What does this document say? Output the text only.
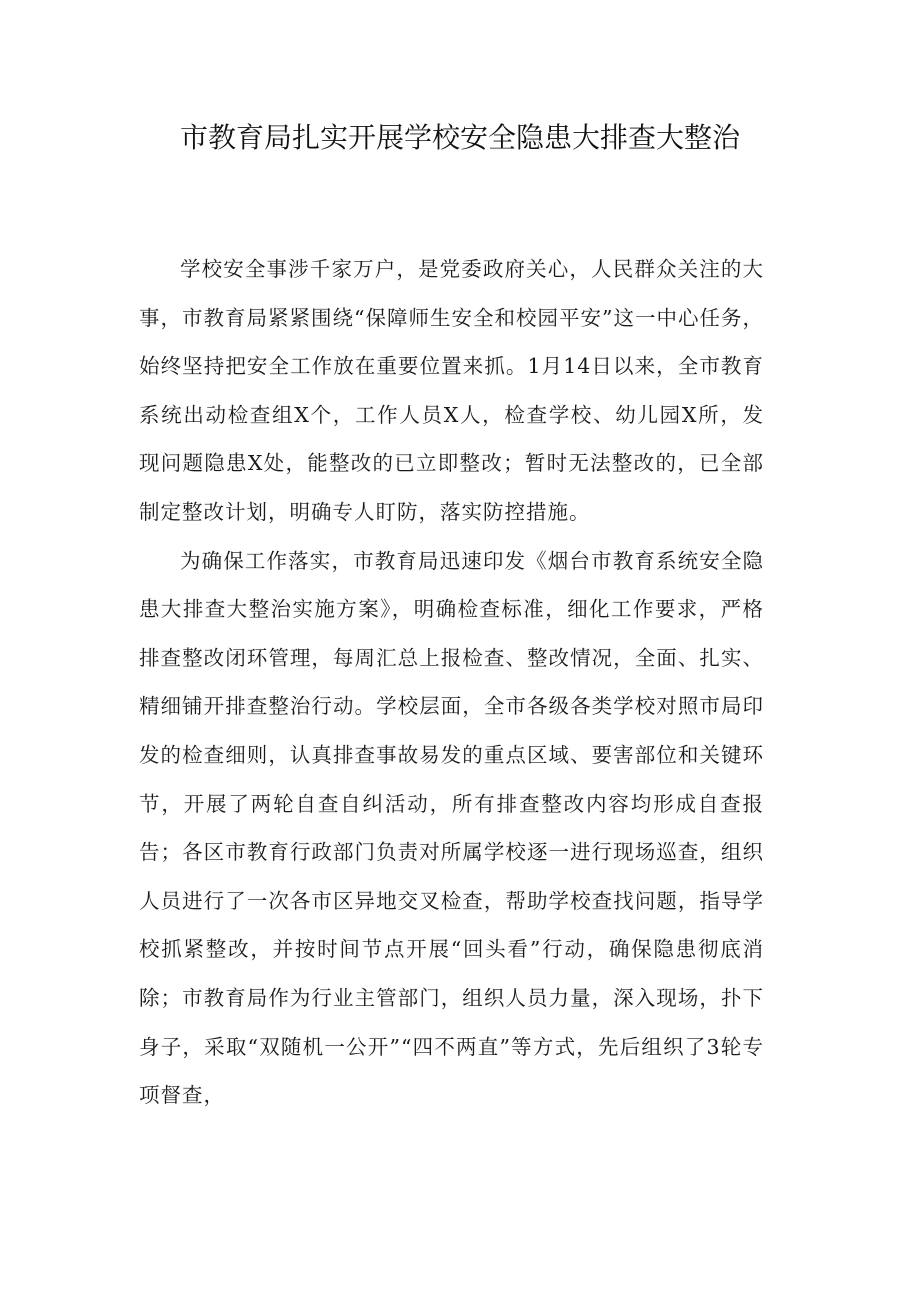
市教育局扎实开展学校安全隐患大排查大整治

学校安全事涉千家万户，是党委政府关心，人民群众关注的大事，市教育局紧紧围绕“保障师生安全和校园平安”这一中心任务，始终坚持把安全工作放在重要位置来抓。1月14日以来，全市教育系统出动检查组X个，工作人员X人，检查学校、幼儿园X所，发现问题隐患X处，能整改的已立即整改；暂时无法整改的，已全部制定整改计划，明确专人盯防，落实防控措施。

为确保工作落实，市教育局迅速印发《烟台市教育系统安全隐患大排查大整治实施方案》，明确检查标准，细化工作要求，严格排查整改闭环管理，每周汇总上报检查、整改情况，全面、扎实、精细铺开排查整治行动。学校层面，全市各级各类学校对照市局印发的检查细则，认真排查事故易发的重点区域、要害部位和关键环节，开展了两轮自查自纠活动，所有排查整改内容均形成自查报告；各区市教育行政部门负责对所属学校逐一进行现场巡查，组织人员进行了一次各市区异地交叉检查，帮助学校查找问题，指导学校抓紧整改，并按时间节点开展“回头看”行动，确保隐患彻底消除；市教育局作为行业主管部门，组织人员力量，深入现场，扑下身子，采取“双随机一公开”“四不两直”等方式，先后组织了3轮专项督查，
